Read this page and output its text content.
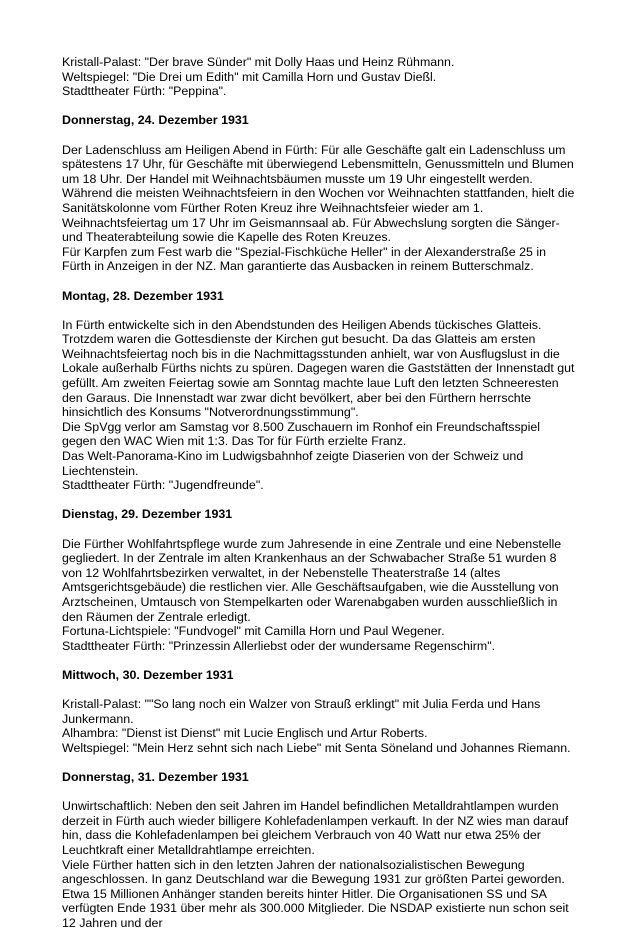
Kristall-Palast: "Der brave Sünder" mit Dolly Haas und Heinz Rühmann.
Weltspiegel: "Die Drei um Edith" mit Camilla Horn und Gustav Dießl.
Stadttheater Fürth: "Peppina".
Donnerstag, 24. Dezember 1931
Der Ladenschluss am Heiligen Abend in Fürth: Für alle Geschäfte galt ein Ladenschluss um spätestens 17 Uhr, für Geschäfte mit überwiegend Lebensmitteln, Genussmitteln und Blumen um 18 Uhr. Der Handel mit Weihnachtsbäumen musste um 19 Uhr eingestellt werden.
Während die meisten Weihnachtsfeiern in den Wochen vor Weihnachten stattfanden, hielt die Sanitätskolonne vom Fürther Roten Kreuz ihre Weihnachtsfeier wieder am 1. Weihnachtsfeiertag um 17 Uhr im Geismannsaal ab. Für Abwechslung sorgten die Sänger- und Theaterabteilung sowie die Kapelle des Roten Kreuzes.
Für Karpfen zum Fest warb die "Spezial-Fischküche Heller" in der Alexanderstraße 25 in Fürth in Anzeigen in der NZ. Man garantierte das Ausbacken in reinem Butterschmalz.
Montag, 28. Dezember 1931
In Fürth entwickelte sich in den Abendstunden des Heiligen Abends tückisches Glatteis. Trotzdem waren die Gottesdienste der Kirchen gut besucht. Da das Glatteis am ersten Weihnachtsfeiertag noch bis in die Nachmittagsstunden anhielt, war von Ausflugslust in die Lokale außerhalb Fürths nichts zu spüren. Dagegen waren die Gaststätten der Innenstadt gut gefüllt. Am zweiten Feiertag sowie am Sonntag machte laue Luft den letzten Schneeresten den Garaus. Die Innenstadt war zwar dicht bevölkert, aber bei den Fürthern herrschte hinsichtlich des Konsums "Notverordnungsstimmung".
Die SpVgg verlor am Samstag vor 8.500 Zuschauern im Ronhof ein Freundschaftsspiel gegen den WAC Wien mit 1:3. Das Tor für Fürth erzielte Franz.
Das Welt-Panorama-Kino im Ludwigsbahnhof zeigte Diaserien von der Schweiz und Liechtenstein.
Stadttheater Fürth: "Jugendfreunde".
Dienstag, 29. Dezember 1931
Die Fürther Wohlfahrtspflege wurde zum Jahresende in eine Zentrale und eine Nebenstelle gegliedert. In der Zentrale im alten Krankenhaus an der Schwabacher Straße 51 wurden 8 von 12 Wohlfahrtsbezirken verwaltet, in der Nebenstelle Theaterstraße 14 (altes Amtsgerichtsgebäude) die restlichen vier. Alle Geschäftsaufgaben, wie die Ausstellung von Arztscheinen, Umtausch von Stempelkarten oder Warenabgaben wurden ausschließlich in den Räumen der Zentrale erledigt.
Fortuna-Lichtspiele: "Fundvogel" mit Camilla Horn und Paul Wegener.
Stadttheater Fürth: "Prinzessin Allerliebst oder der wundersame Regenschirm".
Mittwoch, 30. Dezember 1931
Kristall-Palast: ""So lang noch ein Walzer von Strauß erklingt" mit Julia Ferda und Hans Junkermann.
Alhambra: "Dienst ist Dienst" mit Lucie Englisch und Artur Roberts.
Weltspiegel: "Mein Herz sehnt sich nach Liebe" mit Senta Söneland und Johannes Riemann.
Donnerstag, 31. Dezember 1931
Unwirtschaftlich: Neben den seit Jahren im Handel befindlichen Metalldrahtlampen wurden derzeit in Fürth auch wieder billigere Kohlefadenlampen verkauft. In der NZ wies man darauf hin, dass die Kohlefadenlampen bei gleichem Verbrauch von 40 Watt nur etwa 25% der Leuchtkraft einer Metalldrahtlampe erreichten.
Viele Fürther hatten sich in den letzten Jahren der nationalsozialistischen Bewegung angeschlossen. In ganz Deutschland war die Bewegung 1931 zur größten Partei geworden. Etwa 15 Millionen Anhänger standen bereits hinter Hitler. Die Organisationen SS und SA verfügten Ende 1931 über mehr als 300.000 Mitglieder. Die NSDAP existierte nun schon seit 12 Jahren und der
